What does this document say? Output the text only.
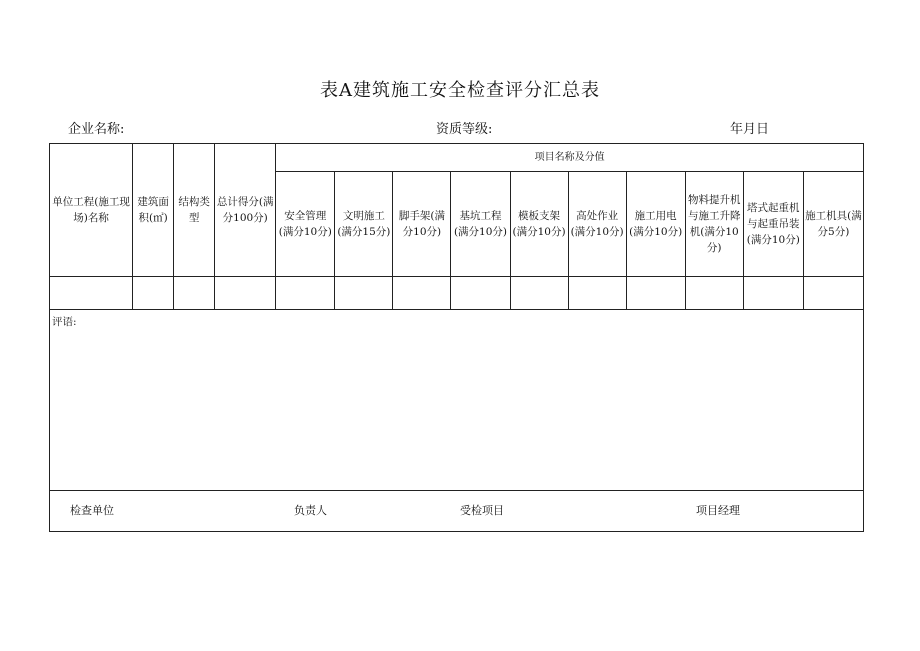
表A建筑施工安全检查评分汇总表
企业名称:	资质等级:	年月日
单位工程(施工现场)名称	建筑面积(㎡)	结构类型	总计得分(满分100分)	项目名称及分值									
				安全管理(满分10分)	文明施工(满分15分)	脚手架(满分10分)	基坑工程(满分10分)	模板支架(满分10分)	高处作业(满分10分)	施工用电(满分10分)	物料提升机与施工升降机(满分10分)	塔式起重机与起重吊装(满分10分)	施工机具(满分5分)

评语:													

检查单位 负责人 受检项目 项目经理													
